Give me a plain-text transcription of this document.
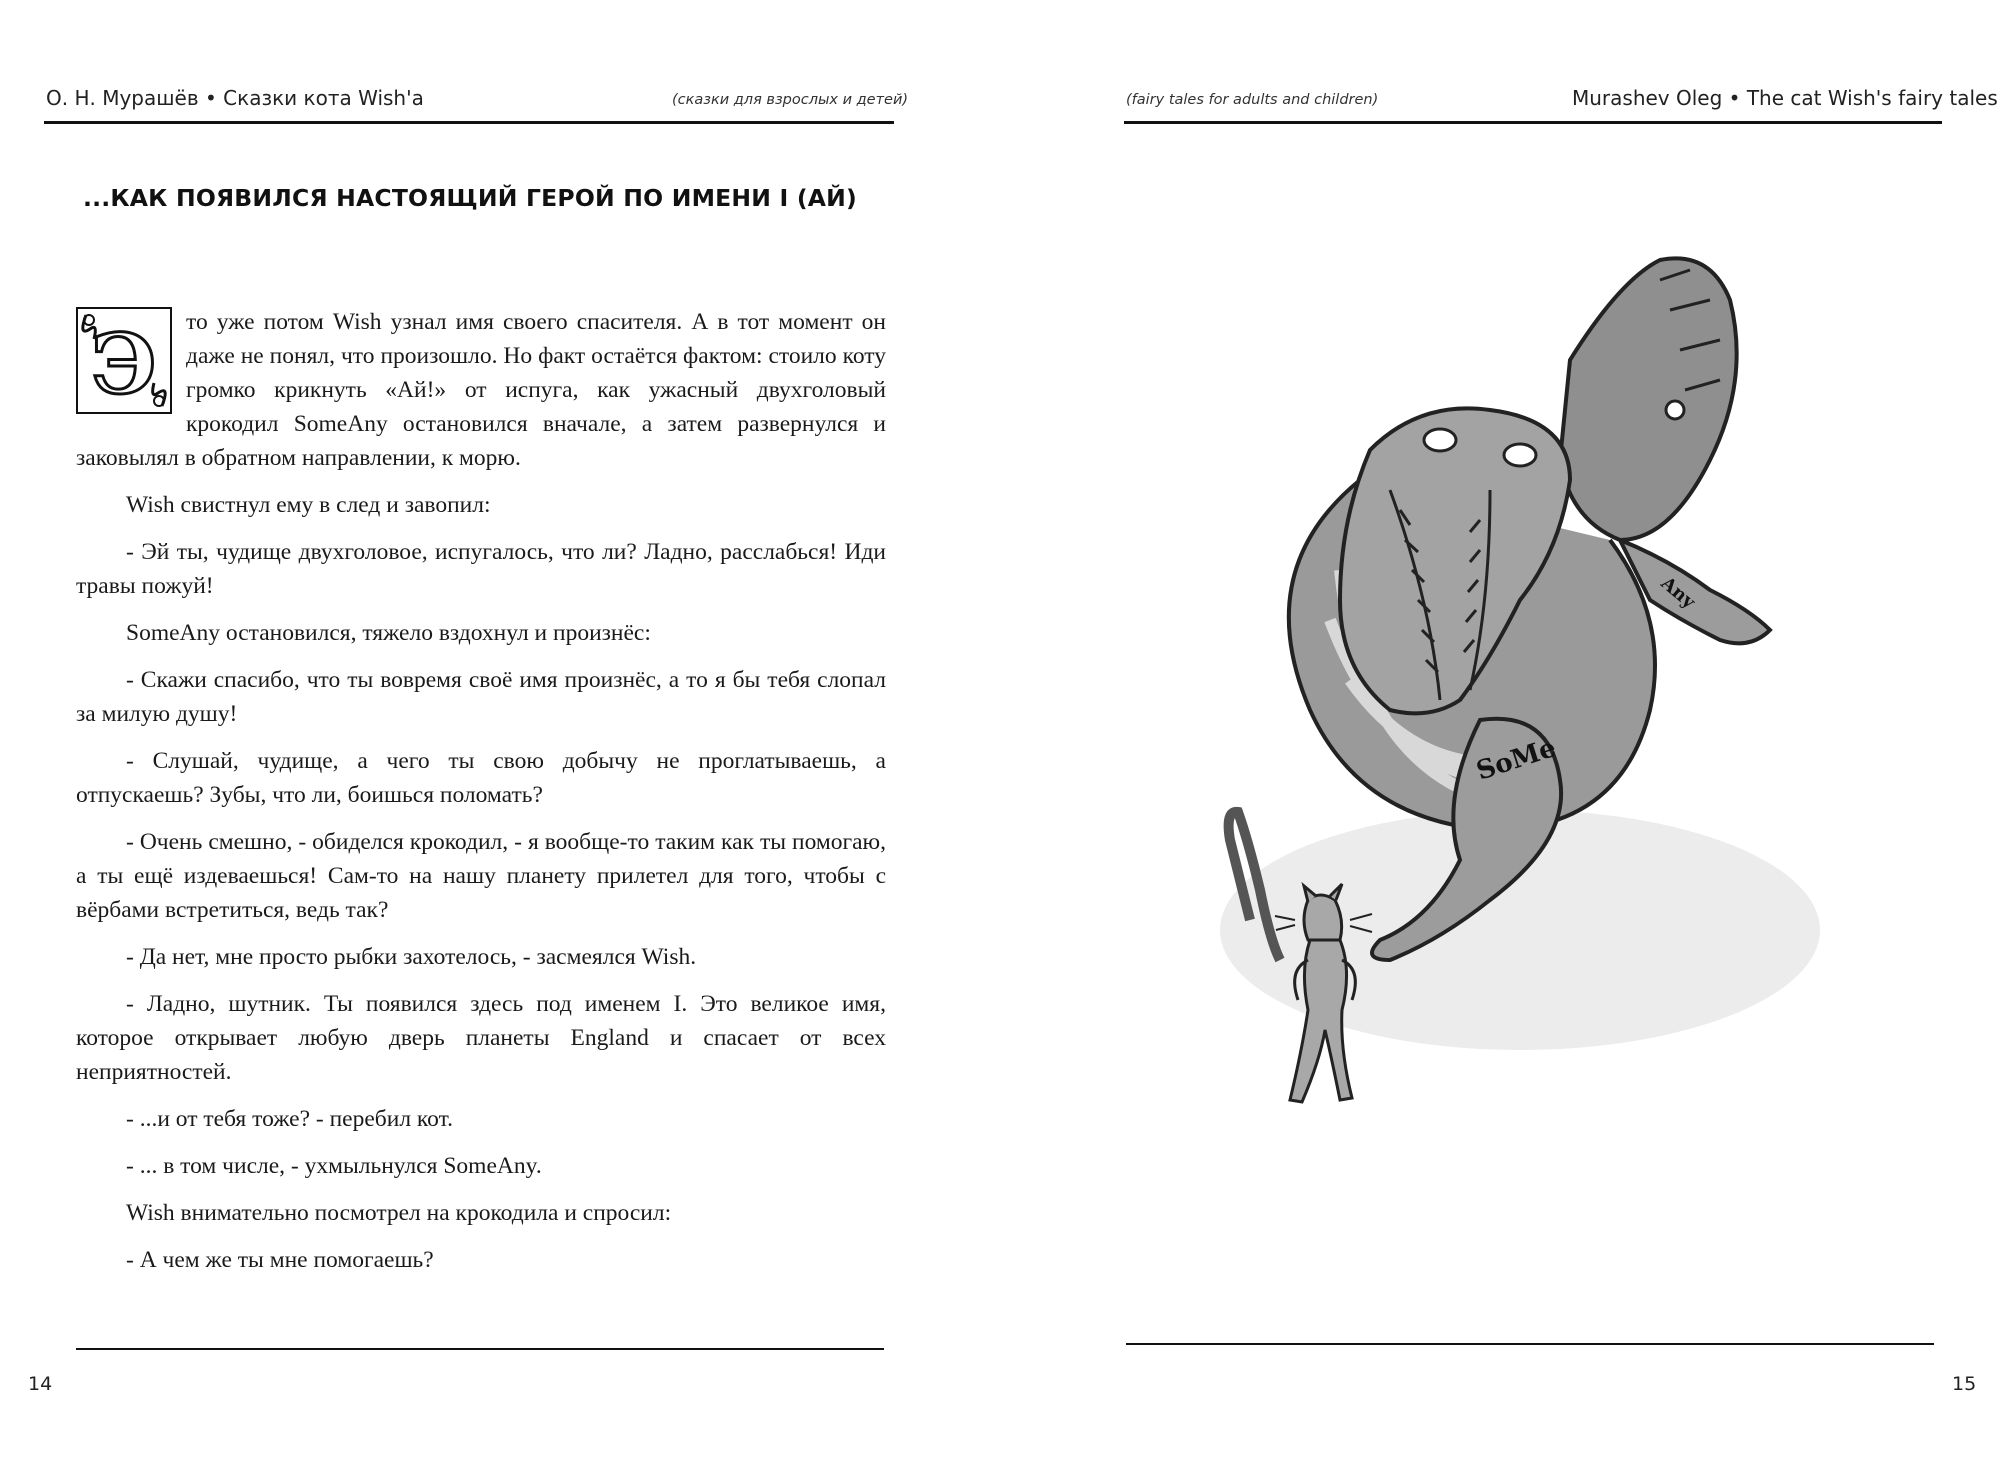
О. Н. Мурашёв • Сказки кота Wish'a	(сказки для взрослых и детей)
...КАК ПОЯВИЛСЯ НАСТОЯЩИЙ ГЕРОЙ ПО ИМЕНИ I (АЙ)

Э то уже потом Wish узнал имя своего спасителя. А в тот момент он даже не понял, что произошло. Но факт остаётся фактом: стоило коту громко крикнуть «Ай!» от испуга, как ужасный двухголовый крокодил SomeAny остановился вначале, а затем развернулся и заковылял в обратном направлении, к морю.

Wish свистнул ему в след и завопил:

- Эй ты, чудище двухголовое, испугалось, что ли? Ладно, расслабься! Иди травы пожуй!

SomeAny остановился, тяжело вздохнул и произнёс:

- Скажи спасибо, что ты вовремя своё имя произнёс, а то я бы тебя слопал за милую душу!

- Слушай, чудище, а чего ты свою добычу не проглатываешь, а отпускаешь? Зубы, что ли, боишься поломать?

- Очень смешно, - обиделся крокодил, - я вообще-то таким как ты помогаю, а ты ещё издеваешься! Сам-то на нашу планету прилетел для того, чтобы с вёрбами встретиться, ведь так?

- Да нет, мне просто рыбки захотелось, - засмеялся Wish.

- Ладно, шутник. Ты появился здесь под именем I. Это великое имя, которое открывает любую дверь планеты England и спасает от всех неприятностей.

- ...и от тебя тоже? - перебил кот.

- ... в том числе, - ухмыльнулся SomeAny.

Wish внимательно посмотрел на крокодила и спросил:

- А чем же ты мне помогаешь?

14
(fairy tales for adults and children)	Murashev Oleg • The cat Wish's fairy tales
15
SoMe
Any
